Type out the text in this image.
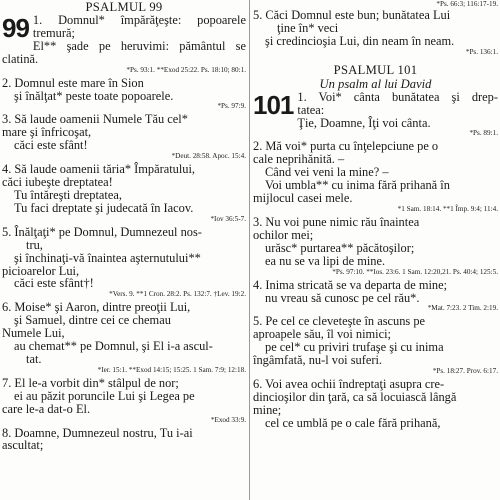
PSALMUL 99
99 1. Domnul* împărăţeşte: popoarele
tremură;
El** şade pe heruvimi: pământul se
clatină.
*Ps. 93:1. **Exod 25:22. Ps. 18:10; 80:1.
2. Domnul este mare în Sion
şi înălţat* peste toate popoarele.
*Ps. 97:9.
3. Să laude oamenii Numele Tău cel*
mare şi înfricoşat,
căci este sfânt!
*Deut. 28:58. Apoc. 15:4.
4. Să laude oamenii tăria* Împăratului,
căci iubeşte dreptatea!
Tu întăreşti dreptatea,
Tu faci dreptate şi judecată în Iacov.
*Iov 36:5-7.
5. Înălţaţi* pe Domnul, Dumnezeul nos-
tru,
şi închinaţi-vă înaintea aşternutului**
picioarelor Lui,
căci este sfânt†!
*Vers. 9. **1 Cron. 28:2. Ps. 132:7. †Lev. 19:2.
6. Moise* şi Aaron, dintre preoţii Lui,
şi Samuel, dintre cei ce chemau
Numele Lui,
au chemat** pe Domnul, şi El i-a ascul-
tat.
*Ier. 15:1. **Exod 14:15; 15:25. 1 Sam. 7:9; 12:18.
7. El le-a vorbit din* stâlpul de nor;
ei au păzit poruncile Lui şi Legea pe
care le-a dat-o El.
*Exod 33:9.
8. Doamne, Dumnezeul nostru, Tu i-ai
ascultat;
*Ps. 66:3; 116:17-19.
5. Căci Domnul este bun; bunătatea Lui
ţine în* veci
şi credincioşia Lui, din neam în neam.
*Ps. 136:1.
PSALMUL 101
Un psalm al lui David
101 1. Voi* cânta bunătatea şi drep-
tatea:
Ţie, Doamne, Îţi voi cânta.
*Ps. 89:1.
2. Mă voi* purta cu înţelepciune pe o
cale neprihănită. –
Când vei veni la mine? –
Voi umbla** cu inima fără prihană în
mijlocul casei mele.
*1 Sam. 18:14. **1 Împ. 9:4; 11:4.
3. Nu voi pune nimic rău înaintea
ochilor mei;
urăsc* purtarea** păcătoşilor;
ea nu se va lipi de mine.
*Ps. 97:10. **Ios. 23:6. 1 Sam. 12:20,21. Ps. 40:4; 125:5.
4. Inima stricată se va departa de mine;
nu vreau să cunosc pe cel rău*.
*Mat. 7:23. 2 Tim. 2:19.
5. Pe cel ce cleveteşte în ascuns pe
aproapele său, îl voi nimici;
pe cel* cu priviri trufaşe şi cu inima
îngâmfată, nu-l voi suferi.
*Ps. 18:27. Prov. 6:17.
6. Voi avea ochii îndreptaţi asupra cre-
dincioşilor din ţară, ca să locuiască lângă
mine;
cel ce umblă pe o cale fără prihană,
